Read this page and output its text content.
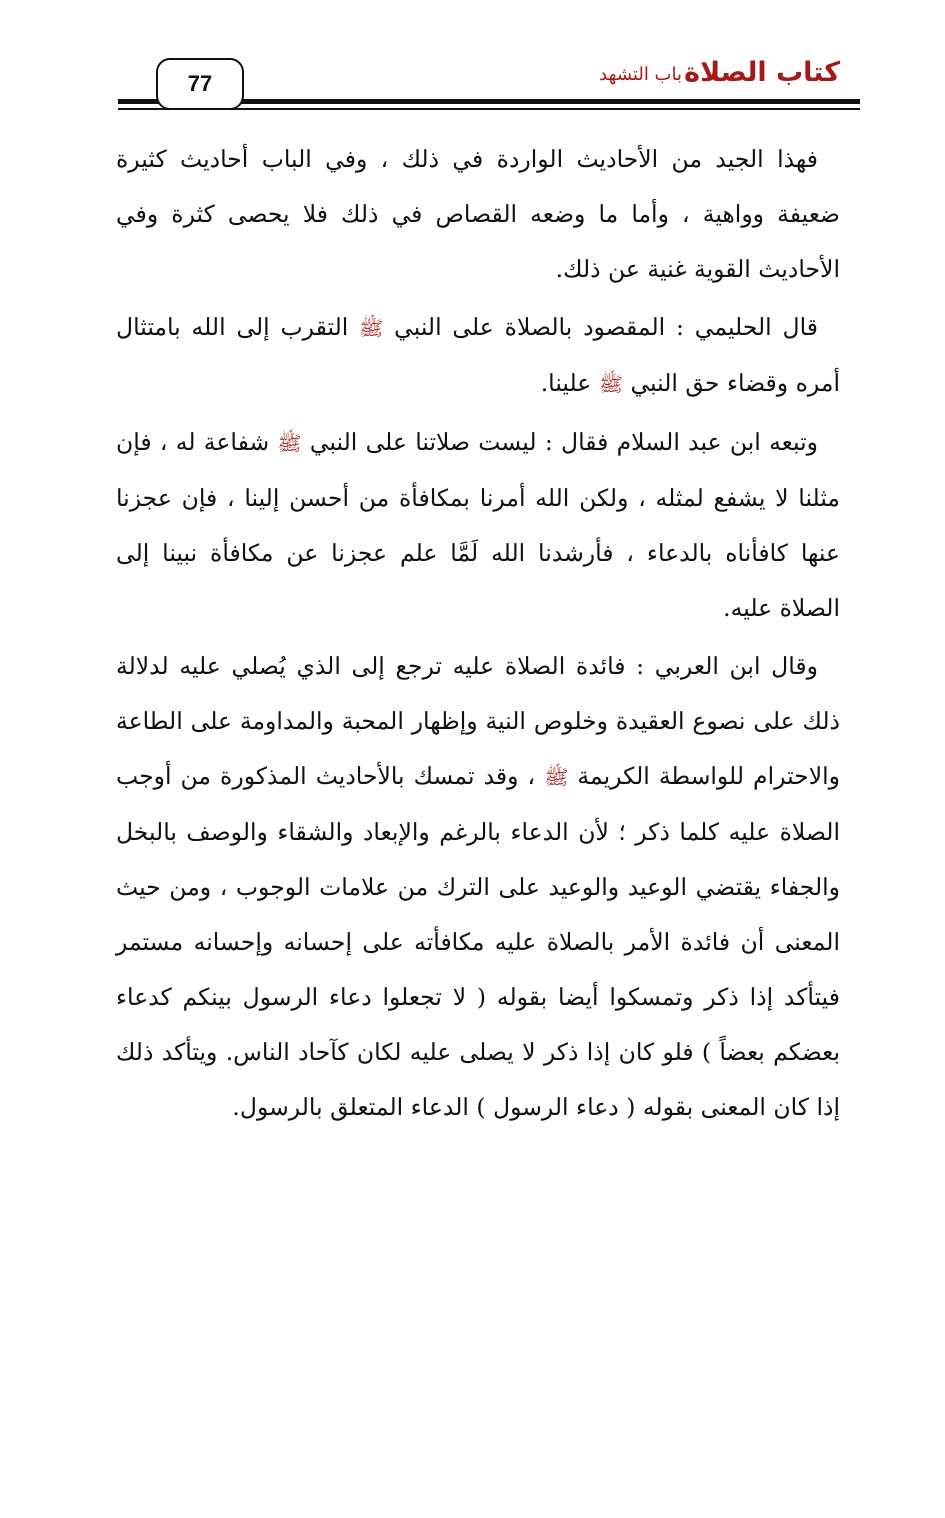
كتاب الصلاة
باب التشهد
77

فهذا الجيد من الأحاديث الواردة في ذلك ، وفي الباب أحاديث كثيرة ضعيفة وواهية ، وأما ما وضعه القصاص في ذلك فلا يحصى كثرة وفي الأحاديث القوية غنية عن ذلك.

قال الحليمي : المقصود بالصلاة على النبي ﷺ التقرب إلى الله بامتثال أمره وقضاء حق النبي ﷺ علينا.

وتبعه ابن عبد السلام فقال : ليست صلاتنا على النبي ﷺ شفاعة له ، فإن مثلنا لا يشفع لمثله ، ولكن الله أمرنا بمكافأة من أحسن إلينا ، فإن عجزنا عنها كافأناه بالدعاء ، فأرشدنا الله لَمَّا علم عجزنا عن مكافأة نبينا إلى الصلاة عليه.

وقال ابن العربي : فائدة الصلاة عليه ترجع إلى الذي يُصلي عليه لدلالة ذلك على نصوع العقيدة وخلوص النية وإظهار المحبة والمداومة على الطاعة والاحترام للواسطة الكريمة ﷺ ، وقد تمسك بالأحاديث المذكورة من أوجب الصلاة عليه كلما ذكر ؛ لأن الدعاء بالرغم والإبعاد والشقاء والوصف بالبخل والجفاء يقتضي الوعيد والوعيد على الترك من علامات الوجوب ، ومن حيث المعنى أن فائدة الأمر بالصلاة عليه مكافأته على إحسانه وإحسانه مستمر فيتأكد إذا ذكر وتمسكوا أيضا بقوله ( لا تجعلوا دعاء الرسول بينكم كدعاء بعضكم بعضاً ) فلو كان إذا ذكر لا يصلى عليه لكان كآحاد الناس. ويتأكد ذلك إذا كان المعنى بقوله ( دعاء الرسول ) الدعاء المتعلق بالرسول.
